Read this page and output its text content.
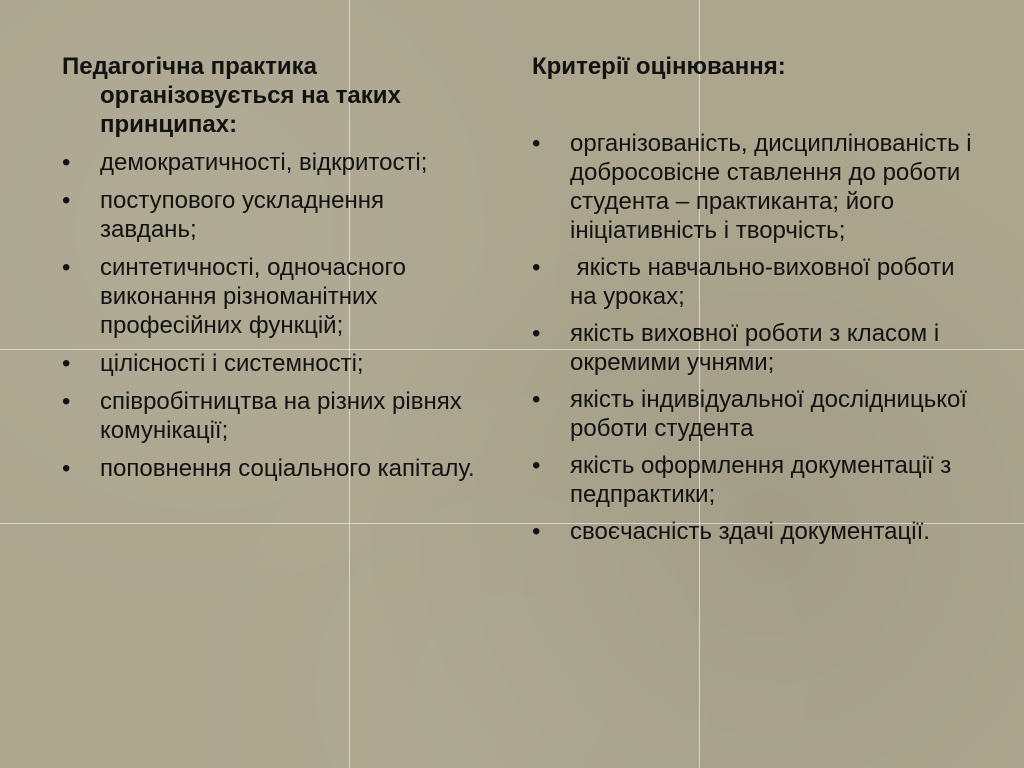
Педагогічна практика організовується на таких принципах:

•	демократичності, відкритості;
•	поступового ускладнення завдань;
•	синтетичності, одночасного виконання різноманітних професійних функцій;
•	цілісності і системності;
•	співробітництва на різних рівнях комунікації;
•	поповнення соціального капіталу.

Критерії оцінювання:

•	організованість, дисциплінованість і добросовісне ставлення до роботи студента – практиканта; його ініціативність і творчість;
•	якість навчально-виховної роботи на уроках;
•	якість виховної роботи з класом і окремими учнями;
•	якість індивідуальної дослідницької роботи студента
•	якість оформлення документації з педпрактики;
•	своєчасність здачі документації.
